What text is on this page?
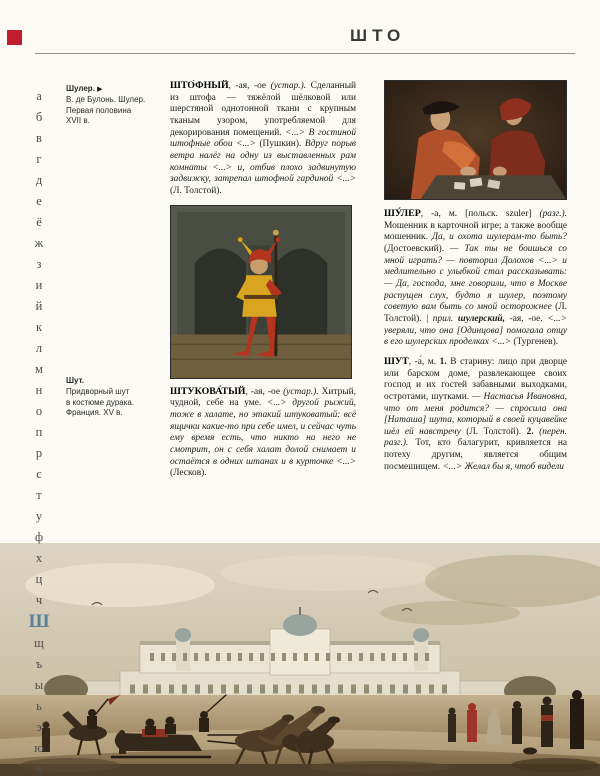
ШТО
а
б
в
г
д
е
ё
ж
з
и
й
к
л
м
н
о
п
р
с
т
у
ф
х
ц
ч
Ш
щ
ъ
ы
ь
э
ю
я
Шулер. ▶
В. де Булонь. Шулер.
Первая половина
XVII в.
Шут.
Придворный шут
в костюме дурака.
Франция. XV в.

ШТО́ФНЫЙ, -ая, -ое (устар.). Сделанный из штофа — тяжёлой шёлковой или шерстяной однотонной ткани с крупным тканым узором, употребляемой для декорирования помещений. <...> В гостиной штофные обои <...> (Пушкин). Вдруг порыв ветра налёг на одну из выставленных рам комнаты <...> и, отбив плохо задвинутую задвижку, затрепал штофной гардиной <...> (Л. Толстой).

ШТУКОВА́ТЫЙ, -ая, -ое (устар.). Хитрый, чудной, себе на уме. <...> другой рыжий, тоже в халате, но этакий штуковатый: всё ящички какие-то при себе имел, и сейчас чуть ему время есть, что никто на него не смотрит, он с себя халат долой снимает и остаётся в одних штанах и в курточке <...> (Лесков).

ШУ́ЛЕР, -а, м. [польск. szuler] (разг.). Мошенник в карточной игре; а также вообще мошенник. Да, и охота шулерам-то быть? (Достоевский). — Так ты не боишься со мной играть? — повторил Долохов <...> и медлительно с улыбкой стал рассказывать: — Да, господа, мне говорили, что в Москве распущен слух, будто я шулер, поэтому советую вам быть со мной осторожнее (Л. Толстой). | прил. шулерский, -ая, -ое. <...> уверяли, что она [Одинцова] помогала отцу в его шулерских проделках <...> (Тургенев).

ШУТ, -а́, м. 1. В старину: лицо при дворце или барском доме, развлекающее своих господ и их гостей забавными выходками, остротами, шутками. — Настасья Ивановна, что от меня родится? — спросила она [Наташа] шута, который в своей куцавейке шёл ей навстречу (Л. Толстой). 2. (перен. разг.). Тот, кто балагурит, кривляется на потеху другим, является общим посмешищем. <...> Желал бы я, чтоб видели
